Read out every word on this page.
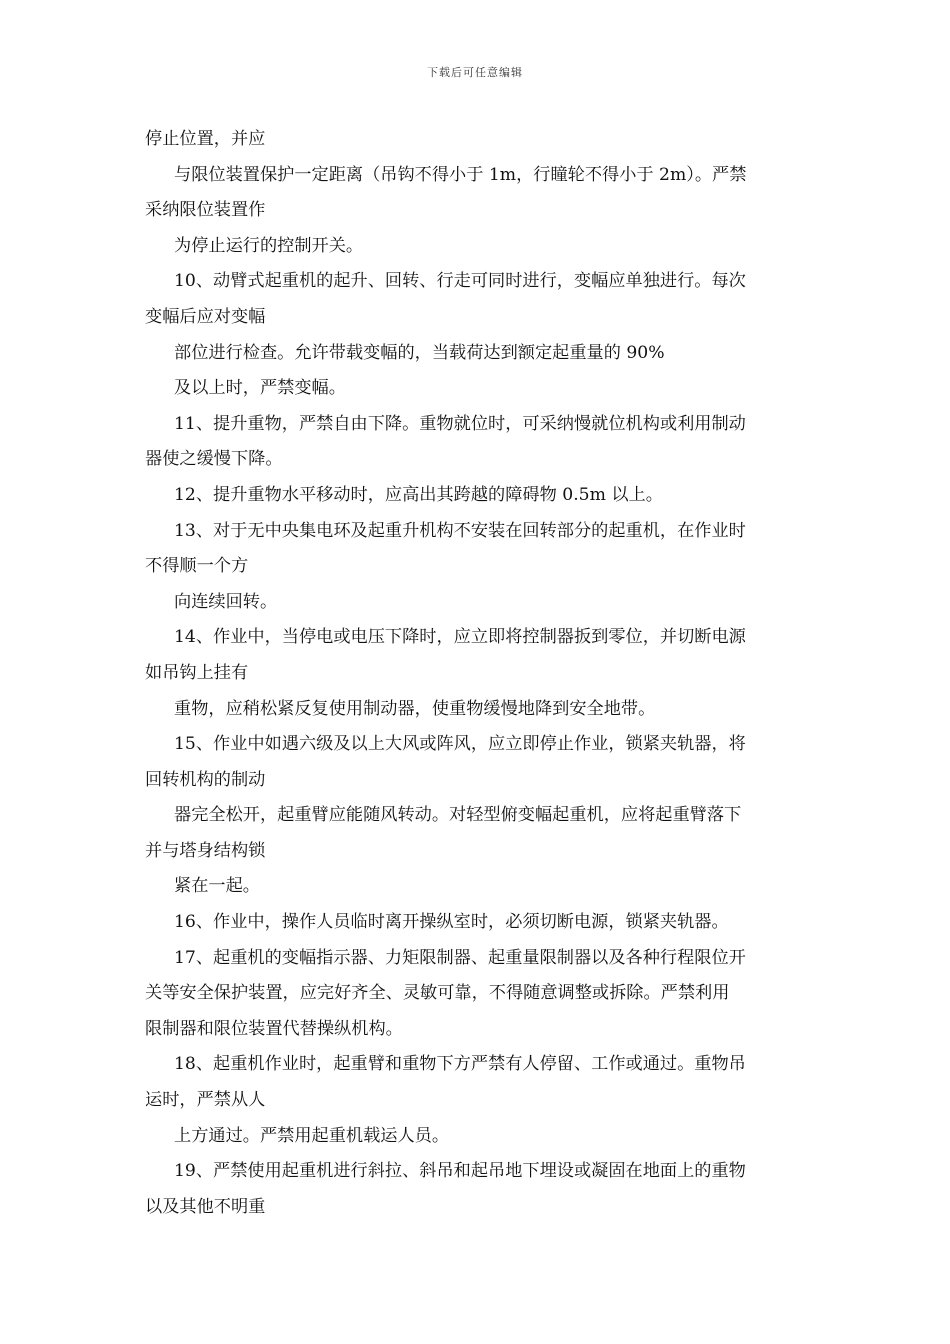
下载后可任意编辑
停止位置，并应
与限位装置保护一定距离（吊钩不得小于 1m，行瞳轮不得小于 2m）。严禁
采纳限位装置作
为停止运行的控制开关。
10、动臂式起重机的起升、回转、行走可同时进行，变幅应单独进行。每次
变幅后应对变幅
部位进行检查。允许带载变幅的，当载荷达到额定起重量的 90%
及以上时，严禁变幅。
11、提升重物，严禁自由下降。重物就位时，可采纳慢就位机构或利用制动
器使之缓慢下降。
12、提升重物水平移动时，应高出其跨越的障碍物 0.5m 以上。
13、对于无中央集电环及起重升机构不安装在回转部分的起重机，在作业时
不得顺一个方
向连续回转。
14、作业中，当停电或电压下降时，应立即将控制器扳到零位，并切断电源
如吊钩上挂有
重物，应稍松紧反复使用制动器，使重物缓慢地降到安全地带。
15、作业中如遇六级及以上大风或阵风，应立即停止作业，锁紧夹轨器，将
回转机构的制动
器完全松开，起重臂应能随风转动。对轻型俯变幅起重机，应将起重臂落下
并与塔身结构锁
紧在一起。
16、作业中，操作人员临时离开操纵室时，必须切断电源，锁紧夹轨器。
17、起重机的变幅指示器、力矩限制器、起重量限制器以及各种行程限位开
关等安全保护装置，应完好齐全、灵敏可靠，不得随意调整或拆除。严禁利用
限制器和限位装置代替操纵机构。
18、起重机作业时，起重臂和重物下方严禁有人停留、工作或通过。重物吊
运时，严禁从人
上方通过。严禁用起重机载运人员。
19、严禁使用起重机进行斜拉、斜吊和起吊地下埋设或凝固在地面上的重物
以及其他不明重
